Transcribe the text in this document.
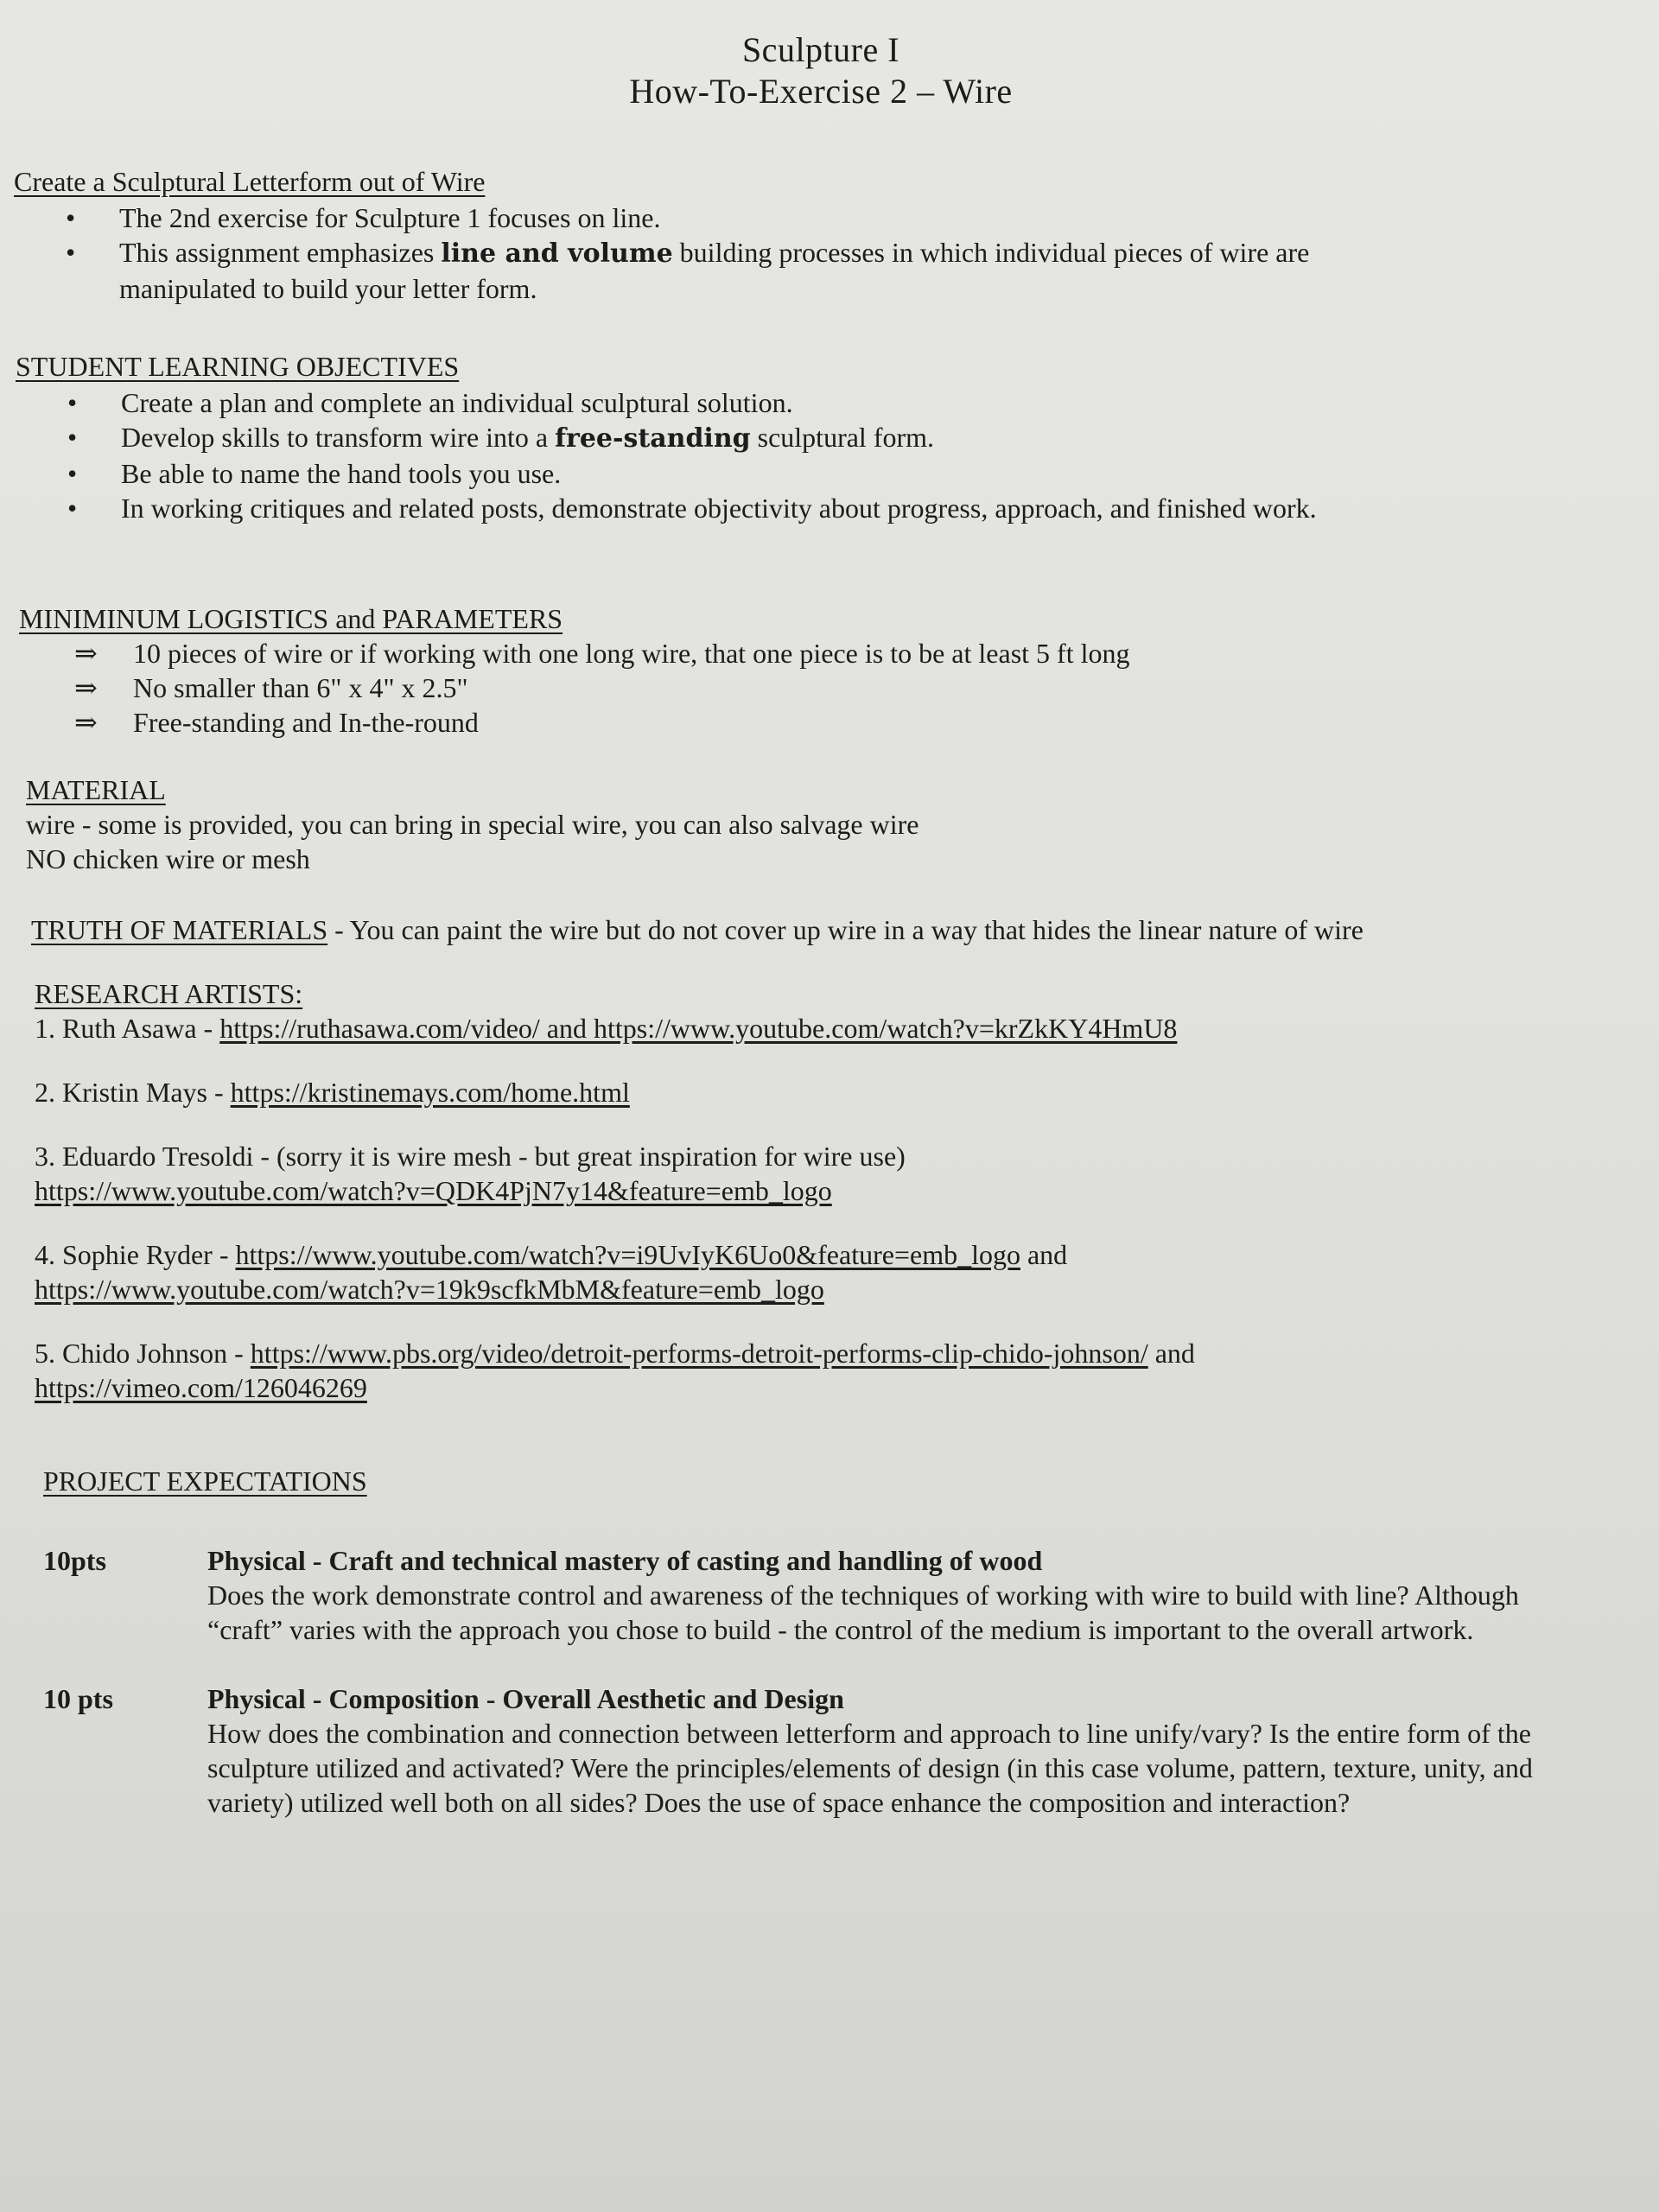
Sculpture I
How-To-Exercise 2 – Wire
Create a Sculptural Letterform out of Wire
• The 2nd exercise for Sculpture 1 focuses on line.
• This assignment emphasizes line and volume building processes in which individual pieces of wire are manipulated to build your letter form.
STUDENT LEARNING OBJECTIVES
• Create a plan and complete an individual sculptural solution.
• Develop skills to transform wire into a free-standing sculptural form.
• Be able to name the hand tools you use.
• In working critiques and related posts, demonstrate objectivity about progress, approach, and finished work.
MINIMINUM LOGISTICS and PARAMETERS
⇒ 10 pieces of wire or if working with one long wire, that one piece is to be at least 5 ft long
⇒ No smaller than 6" x 4" x 2.5"
⇒ Free-standing and In-the-round
MATERIAL
wire - some is provided, you can bring in special wire, you can also salvage wire
NO chicken wire or mesh
TRUTH OF MATERIALS - You can paint the wire but do not cover up wire in a way that hides the linear nature of wire
RESEARCH ARTISTS:
1. Ruth Asawa - https://ruthasawa.com/video/ and https://www.youtube.com/watch?v=krZkKY4HmU8
2. Kristin Mays - https://kristinemays.com/home.html
3. Eduardo Tresoldi - (sorry it is wire mesh - but great inspiration for wire use) https://www.youtube.com/watch?v=QDK4PjN7y14&feature=emb_logo
4. Sophie Ryder - https://www.youtube.com/watch?v=i9UvIyK6Uo0&feature=emb_logo and https://www.youtube.com/watch?v=19k9scfkMbM&feature=emb_logo
5. Chido Johnson - https://www.pbs.org/video/detroit-performs-detroit-performs-clip-chido-johnson/ and https://vimeo.com/126046269
PROJECT EXPECTATIONS
10pts	Physical - Craft and technical mastery of casting and handling of wood
Does the work demonstrate control and awareness of the techniques of working with wire to build with line? Although “craft” varies with the approach you chose to build - the control of the medium is important to the overall artwork.
10 pts	Physical - Composition - Overall Aesthetic and Design
How does the combination and connection between letterform and approach to line unify/vary? Is the entire form of the sculpture utilized and activated? Were the principles/elements of design (in this case volume, pattern, texture, unity, and variety) utilized well both on all sides? Does the use of space enhance the composition and interaction?
